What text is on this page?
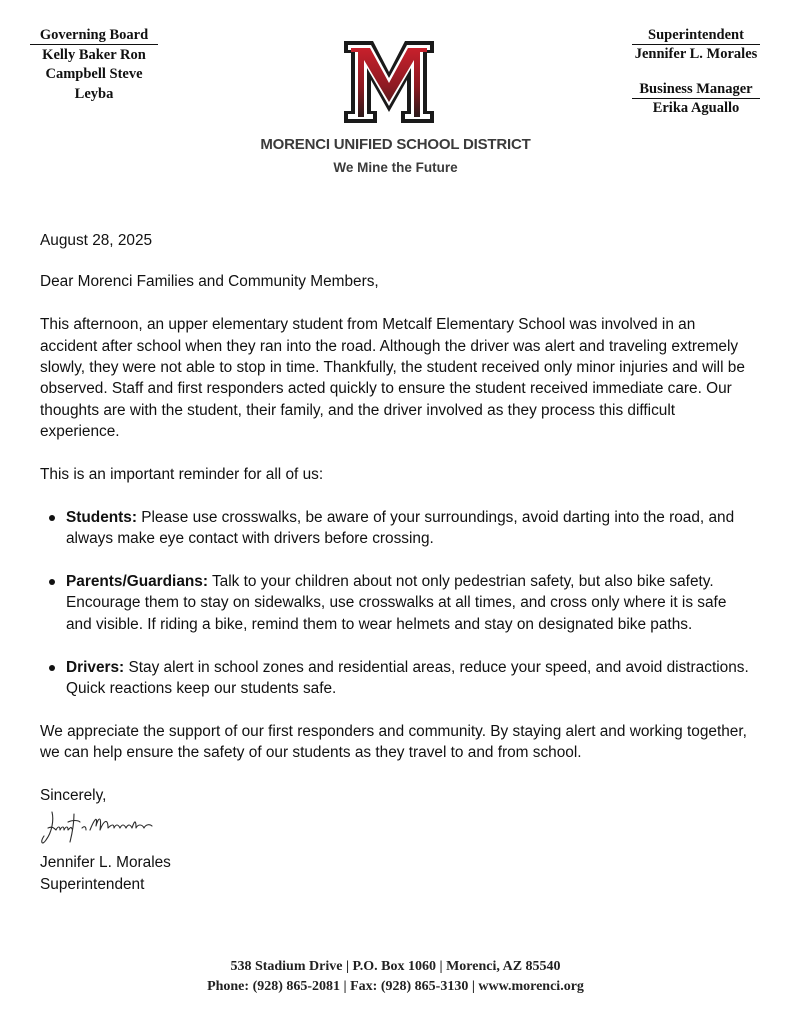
Governing Board
Kelly Baker Ron
Campbell Steve
Leyba
Superintendent
Jennifer L. Morales
Business Manager
Erika Aguallo
MORENCI UNIFIED SCHOOL DISTRICT
We Mine the Future

August 28, 2025

Dear Morenci Families and Community Members,

This afternoon, an upper elementary student from Metcalf Elementary School was involved in an accident after school when they ran into the road. Although the driver was alert and traveling extremely slowly, they were not able to stop in time. Thankfully, the student received only minor injuries and will be observed. Staff and first responders acted quickly to ensure the student received immediate care. Our thoughts are with the student, their family, and the driver involved as they process this difficult experience.

This is an important reminder for all of us:

Students: Please use crosswalks, be aware of your surroundings, avoid darting into the road, and always make eye contact with drivers before crossing.
Parents/Guardians: Talk to your children about not only pedestrian safety, but also bike safety. Encourage them to stay on sidewalks, use crosswalks at all times, and cross only where it is safe and visible. If riding a bike, remind them to wear helmets and stay on designated bike paths.
Drivers: Stay alert in school zones and residential areas, reduce your speed, and avoid distractions. Quick reactions keep our students safe.

We appreciate the support of our first responders and community. By staying alert and working together, we can help ensure the safety of our students as they travel to and from school.

Sincerely,

Jennifer L. Morales

Superintendent

538 Stadium Drive | P.O. Box 1060 | Morenci, AZ 85540
Phone: (928) 865-2081 | Fax: (928) 865-3130 | www.morenci.org
